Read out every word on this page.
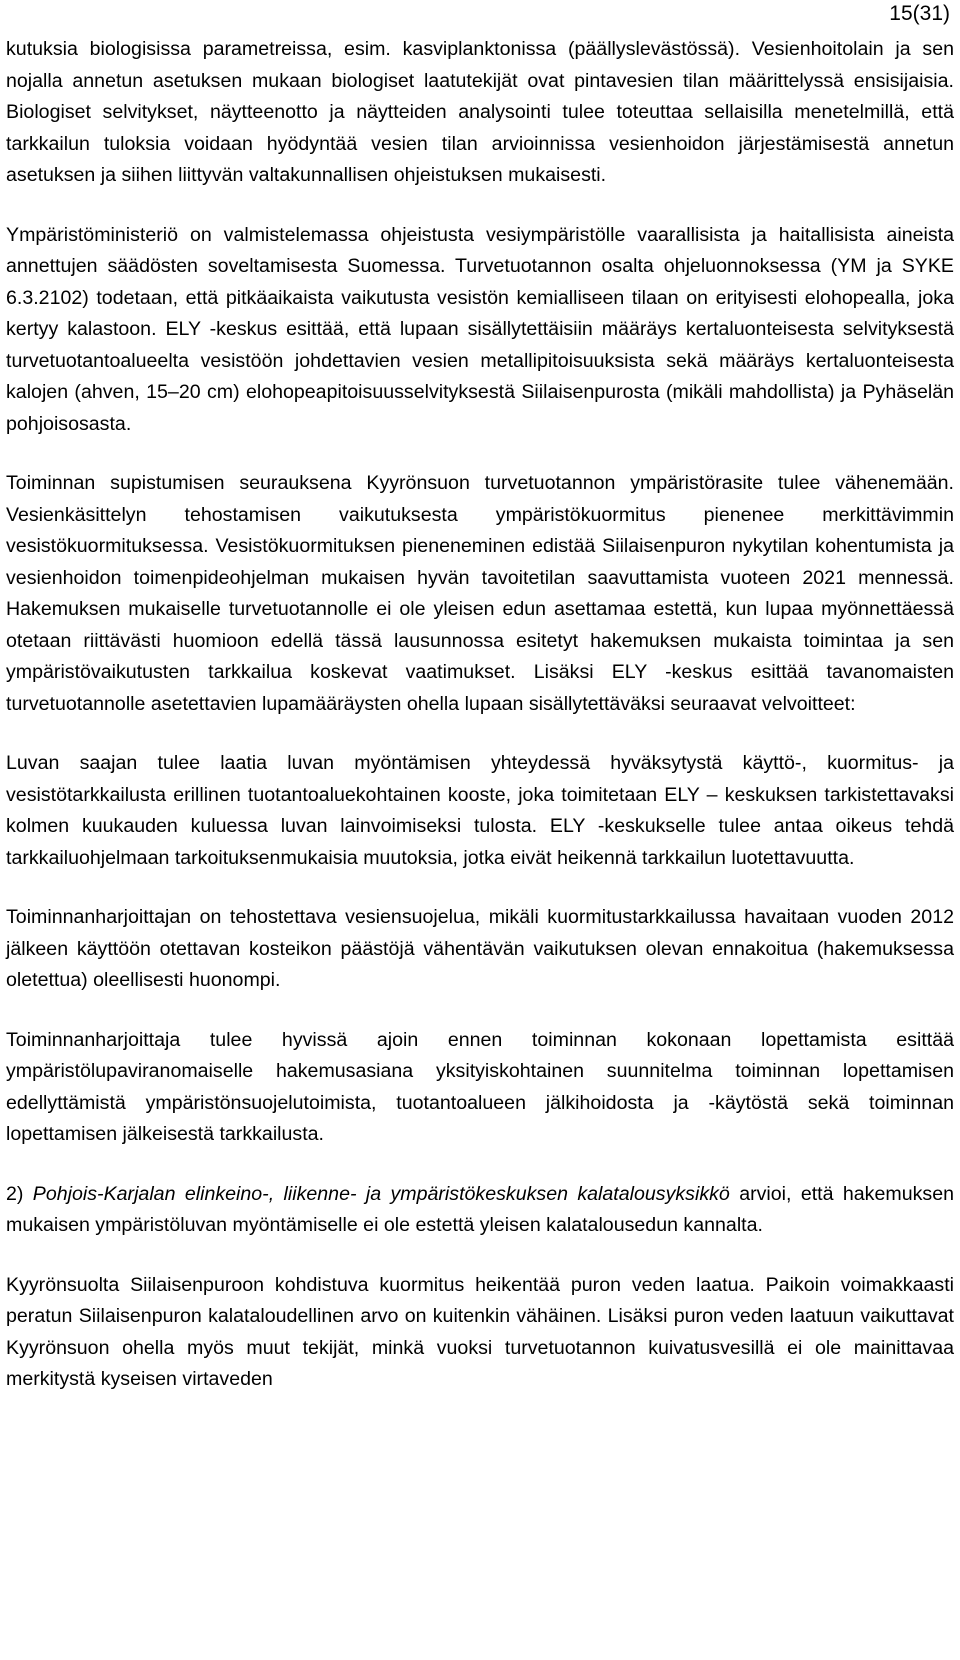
15(31)

kutuksia biologisissa parametreissa, esim. kasviplanktonissa (päällyslevästössä). Vesienhoitolain ja sen nojalla annetun asetuksen mukaan biologiset laatutekijät ovat pintavesien tilan määrittelyssä ensisijaisia. Biologiset selvitykset, näytteenotto ja näytteiden analysointi tulee toteuttaa sellaisilla menetelmillä, että tarkkailun tuloksia voidaan hyödyntää vesien tilan arvioinnissa vesienhoidon järjestämisestä annetun asetuksen ja siihen liittyvän valtakunnallisen ohjeistuksen mukaisesti.

Ympäristöministeriö on valmistelemassa ohjeistusta vesiympäristölle vaarallisista ja haitallisista aineista annettujen säädösten soveltamisesta Suomessa. Turvetuotannon osalta ohjeluonnoksessa (YM ja SYKE 6.3.2102) todetaan, että pitkäaikaista vaikutusta vesistön kemialliseen tilaan on erityisesti elohopealla, joka kertyy kalastoon. ELY -keskus esittää, että lupaan sisällytettäisiin määräys kertaluonteisesta selvityksestä turvetuotantoalueelta vesistöön johdettavien vesien metallipitoisuuksista sekä määräys kertaluonteisesta kalojen (ahven, 15–20 cm) elohopeapitoisuusselvityksestä Siilaisenpurosta (mikäli mahdollista) ja Pyhäselän pohjoisosasta.

Toiminnan supistumisen seurauksena Kyyrönsuon turvetuotannon ympäristörasite tulee vähenemään. Vesienkäsittelyn tehostamisen vaikutuksesta ympäristökuormitus pienenee merkittävimmin vesistökuormituksessa. Vesistökuormituksen pieneneminen edistää Siilaisenpuron nykytilan kohentumista ja vesienhoidon toimenpideohjelman mukaisen hyvän tavoitetilan saavuttamista vuoteen 2021 mennessä. Hakemuksen mukaiselle turvetuotannolle ei ole yleisen edun asettamaa estettä, kun lupaa myönnettäessä otetaan riittävästi huomioon edellä tässä lausunnossa esitetyt hakemuksen mukaista toimintaa ja sen ympäristövaikutusten tarkkailua koskevat vaatimukset. Lisäksi ELY -keskus esittää tavanomaisten turvetuotannolle asetettavien lupamääräysten ohella lupaan sisällytettäväksi seuraavat velvoitteet:

Luvan saajan tulee laatia luvan myöntämisen yhteydessä hyväksytystä käyttö-, kuormitus- ja vesistötarkkailusta erillinen tuotantoaluekohtainen kooste, joka toimitetaan ELY – keskuksen tarkistettavaksi kolmen kuukauden kuluessa luvan lainvoimiseksi tulosta. ELY -keskukselle tulee antaa oikeus tehdä tarkkailuohjelmaan tarkoituksenmukaisia muutoksia, jotka eivät heikennä tarkkailun luotettavuutta.

Toiminnanharjoittajan on tehostettava vesiensuojelua, mikäli kuormitustarkkailussa havaitaan vuoden 2012 jälkeen käyttöön otettavan kosteikon päästöjä vähentävän vaikutuksen olevan ennakoitua (hakemuksessa oletettua) oleellisesti huonompi.

Toiminnanharjoittaja tulee hyvissä ajoin ennen toiminnan kokonaan lopettamista esittää ympäristölupaviranomaiselle hakemusasiana yksityiskohtainen suunnitelma toiminnan lopettamisen edellyttämistä ympäristönsuojelutoimista, tuotantoalueen jälkihoidosta ja -käytöstä sekä toiminnan lopettamisen jälkeisestä tarkkailusta.

2) Pohjois-Karjalan elinkeino-, liikenne- ja ympäristökeskuksen kalatalousyksikkö arvioi, että hakemuksen mukaisen ympäristöluvan myöntämiselle ei ole estettä yleisen kalatalousedun kannalta.

Kyyrönsuolta Siilaisenpuroon kohdistuva kuormitus heikentää puron veden laatua. Paikoin voimakkaasti peratun Siilaisenpuron kalataloudellinen arvo on kuitenkin vähäinen. Lisäksi puron veden laatuun vaikuttavat Kyyrönsuon ohella myös muut tekijät, minkä vuoksi turvetuotannon kuivatusvesillä ei ole mainittavaa merkitystä kyseisen virtaveden
